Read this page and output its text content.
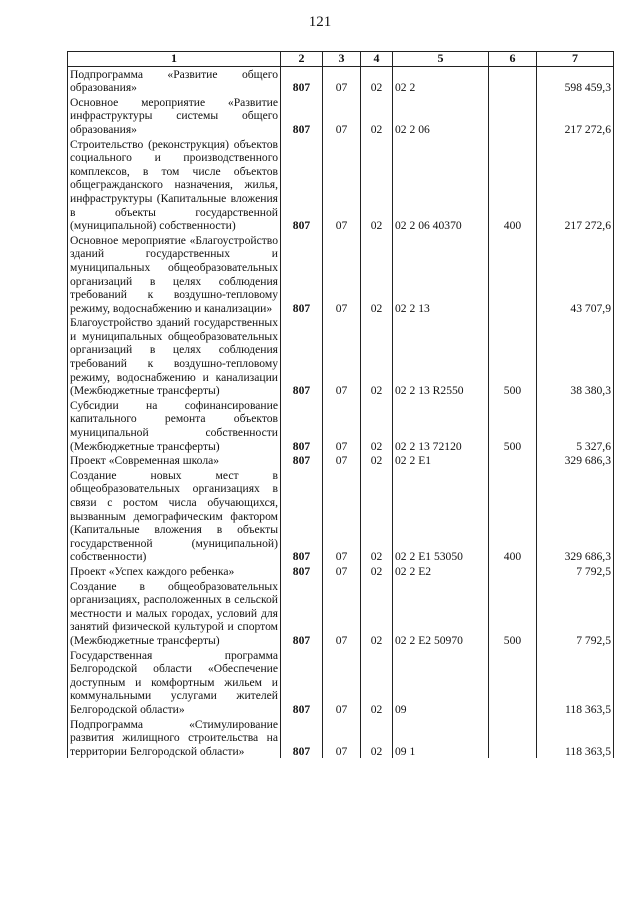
121
1	2	3	4	5	6	7
Подпрограмма «Развитие общего образования»	807	07	02	02 2		598 459,3
Основное мероприятие «Развитие инфраструктуры системы общего образования»	807	07	02	02 2 06		217 272,6
Строительство (реконструкция) объектов социального и производственного комплексов, в том числе объектов общегражданского назначения, жилья, инфраструктуры (Капитальные вложения в объекты государственной (муниципальной) собственности)	807	07	02	02 2 06 40370	400	217 272,6
Основное мероприятие «Благоустройство зданий государственных и муниципальных общеобразовательных организаций в целях соблюдения требований к воздушно-тепловому режиму, водоснабжению и канализации»	807	07	02	02 2 13		43 707,9
Благоустройство зданий государственных и муниципальных общеобразовательных организаций в целях соблюдения требований к воздушно-тепловому режиму, водоснабжению и канализации (Межбюджетные трансферты)	807	07	02	02 2 13 R2550	500	38 380,3
Субсидии на софинансирование капитального ремонта объектов муниципальной собственности (Межбюджетные трансферты)	807	07	02	02 2 13 72120	500	5 327,6
Проект «Современная школа»	807	07	02	02 2 E1		329 686,3
Создание новых мест в общеобразовательных организациях в связи с ростом числа обучающихся, вызванным демографическим фактором (Капитальные вложения в объекты государственной (муниципальной) собственности)	807	07	02	02 2 E1 53050	400	329 686,3
Проект «Успех каждого ребенка»	807	07	02	02 2 E2		7 792,5
Создание в общеобразовательных организациях, расположенных в сельской местности и малых городах, условий для занятий физической культурой и спортом (Межбюджетные трансферты)	807	07	02	02 2 E2 50970	500	7 792,5
Государственная программа Белгородской области «Обеспечение доступным и комфортным жильем и коммунальными услугами жителей Белгородской области»	807	07	02	09		118 363,5
Подпрограмма «Стимулирование развития жилищного строительства на территории Белгородской области»	807	07	02	09 1		118 363,5
